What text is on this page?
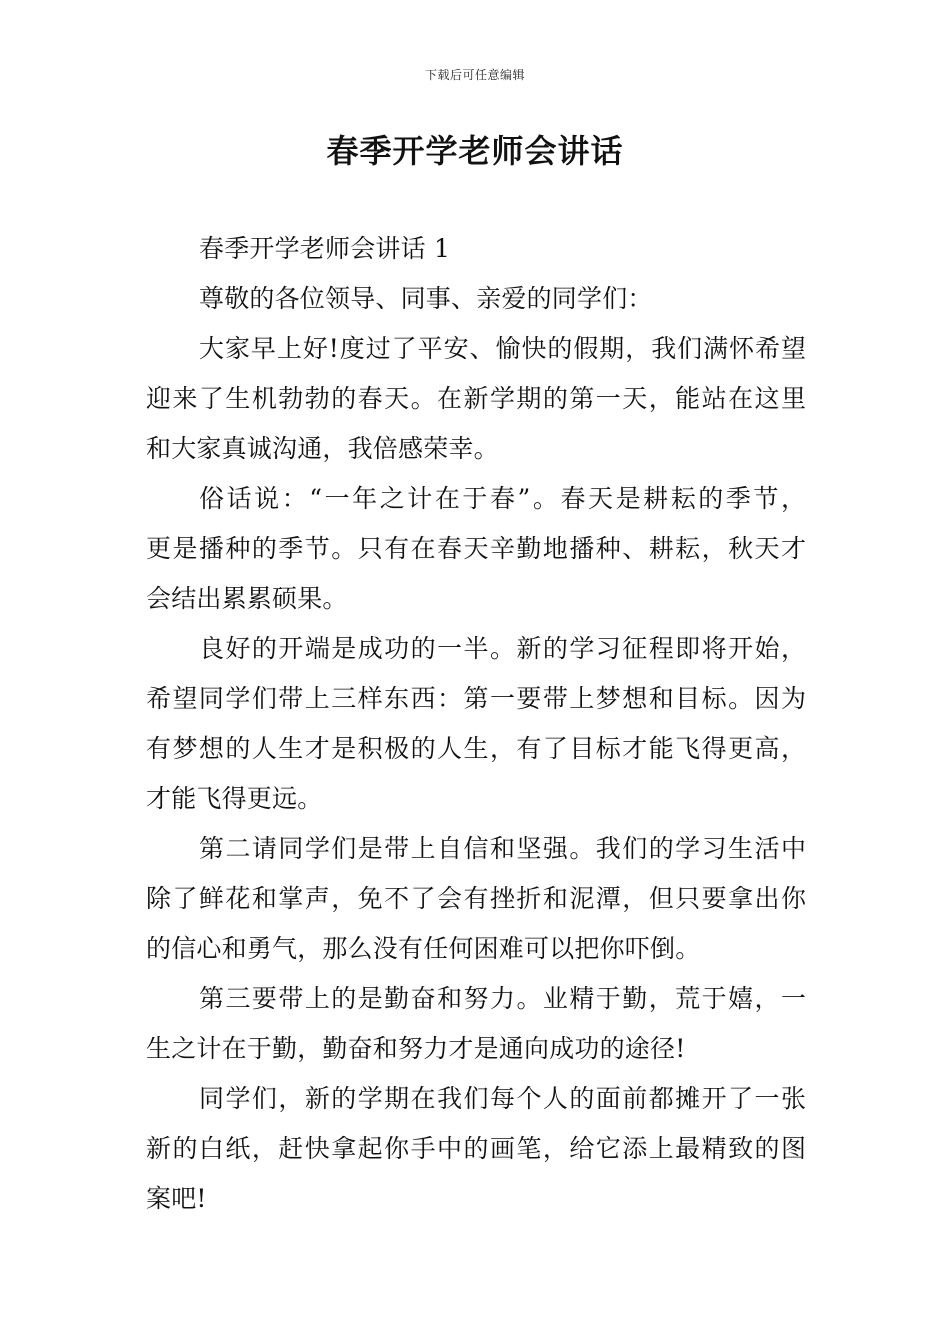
下载后可任意编辑
春季开学老师会讲话
春季开学老师会讲话 1
尊敬的各位领导、同事、亲爱的同学们：
大家早上好!度过了平安、愉快的假期，我们满怀希望
迎来了生机勃勃的春天。在新学期的第一天，能站在这里
和大家真诚沟通，我倍感荣幸。
俗话说：“一年之计在于春”。春天是耕耘的季节，
更是播种的季节。只有在春天辛勤地播种、耕耘，秋天才
会结出累累硕果。
良好的开端是成功的一半。新的学习征程即将开始，
希望同学们带上三样东西：第一要带上梦想和目标。因为
有梦想的人生才是积极的人生，有了目标才能飞得更高，
才能飞得更远。
第二请同学们是带上自信和坚强。我们的学习生活中
除了鲜花和掌声，免不了会有挫折和泥潭，但只要拿出你
的信心和勇气，那么没有任何困难可以把你吓倒。
第三要带上的是勤奋和努力。业精于勤，荒于嬉，一
生之计在于勤，勤奋和努力才是通向成功的途径!
同学们，新的学期在我们每个人的面前都摊开了一张
新的白纸，赶快拿起你手中的画笔，给它添上最精致的图
案吧!
